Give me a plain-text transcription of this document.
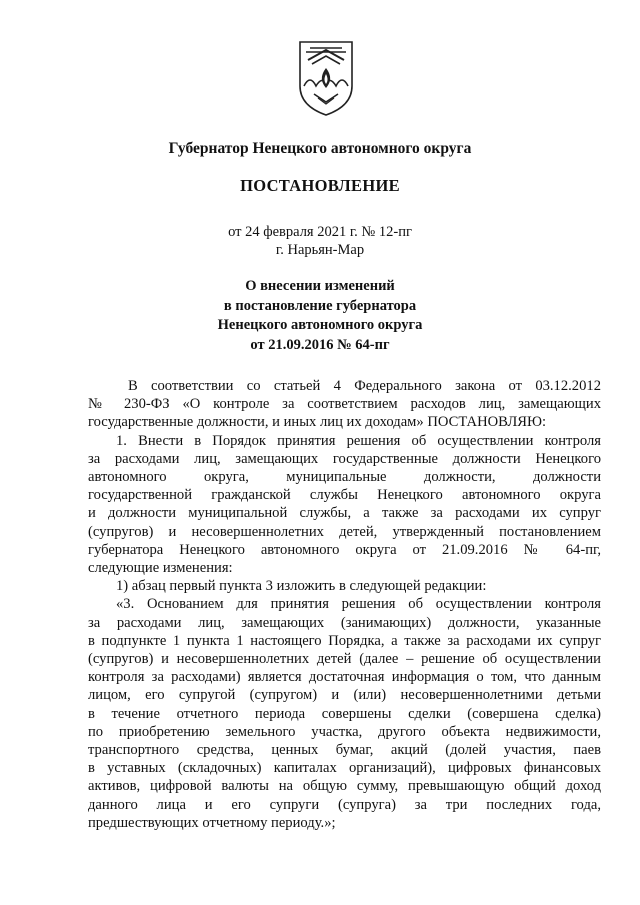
Губернатор Ненецкого автономного округа
ПОСТАНОВЛЕНИЕ
от 24 февраля 2021 г. № 12-пг
г. Нарьян-Мар
О внесении изменений
в постановление губернатора
Ненецкого автономного округа
от 21.09.2016 № 64-пг
В соответствии со статьей 4 Федерального закона от 03.12.2012
№ 230-ФЗ «О контроле за соответствием расходов лиц, замещающих
государственные должности, и иных лиц их доходам» ПОСТАНОВЛЯЮ:
1. Внести в Порядок принятия решения об осуществлении контроля
за расходами лиц, замещающих государственные должности Ненецкого
автономного округа, муниципальные должности, должности
государственной гражданской службы Ненецкого автономного округа
и должности муниципальной службы, а также за расходами их супруг
(супругов) и несовершеннолетних детей, утвержденный постановлением
губернатора Ненецкого автономного округа от 21.09.2016 № 64-пг,
следующие изменения:
1) абзац первый пункта 3 изложить в следующей редакции:
«3. Основанием для принятия решения об осуществлении контроля
за расходами лиц, замещающих (занимающих) должности, указанные
в подпункте 1 пункта 1 настоящего Порядка, а также за расходами их супруг
(супругов) и несовершеннолетних детей (далее – решение об осуществлении
контроля за расходами) является достаточная информация о том, что данным
лицом, его супругой (супругом) и (или) несовершеннолетними детьми
в течение отчетного периода совершены сделки (совершена сделка)
по приобретению земельного участка, другого объекта недвижимости,
транспортного средства, ценных бумаг, акций (долей участия, паев
в уставных (складочных) капиталах организаций), цифровых финансовых
активов, цифровой валюты на общую сумму, превышающую общий доход
данного лица и его супруги (супруга) за три последних года,
предшествующих отчетному периоду.»;
